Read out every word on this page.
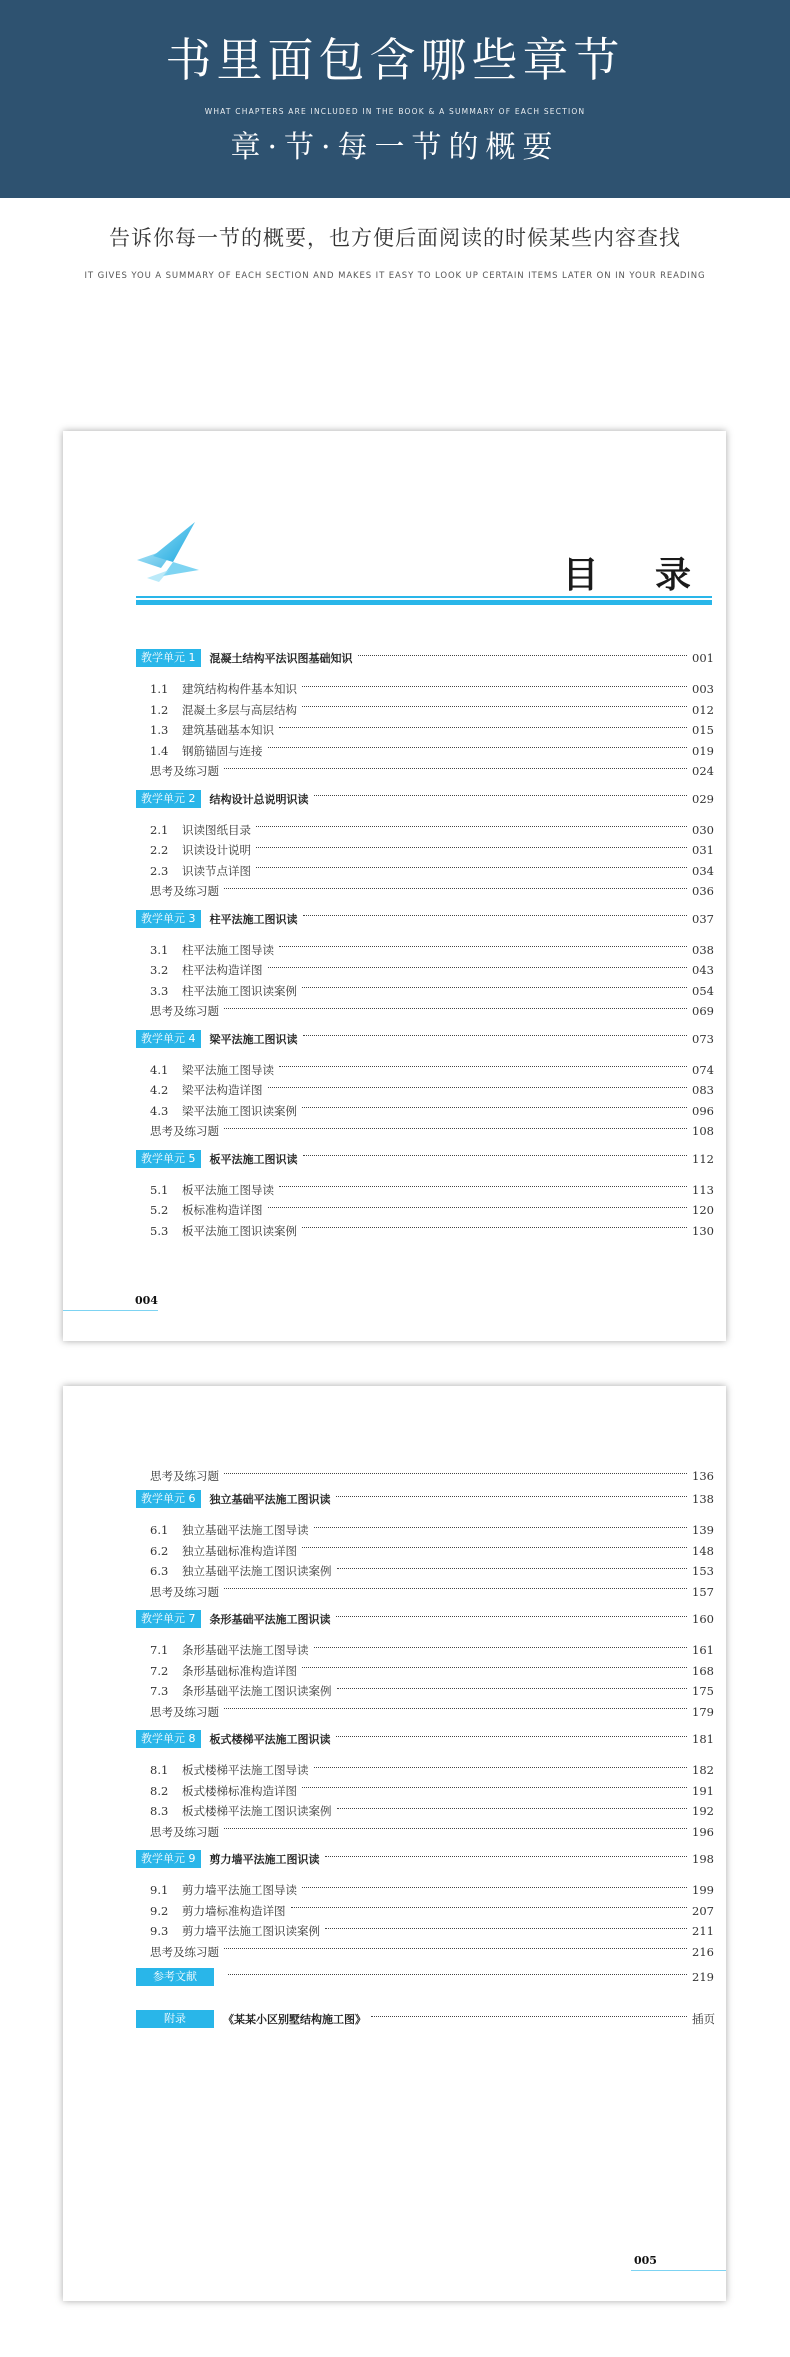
书里面包含哪些章节
WHAT CHAPTERS ARE INCLUDED IN THE BOOK & A SUMMARY OF EACH SECTION
章·节·每一节的概要
告诉你每一节的概要，也方便后面阅读的时候某些内容查找
IT GIVES YOU A SUMMARY OF EACH SECTION AND MAKES IT EASY TO LOOK UP CERTAIN ITEMS LATER ON IN YOUR READING
目 录
教学单元 1	混凝土结构平法识图基础知识	001
1.1	建筑结构构件基本知识	003
1.2	混凝土多层与高层结构	012
1.3	建筑基础基本知识	015
1.4	钢筋锚固与连接	019
思考及练习题	024
教学单元 2	结构设计总说明识读	029
2.1	识读图纸目录	030
2.2	识读设计说明	031
2.3	识读节点详图	034
思考及练习题	036
教学单元 3	柱平法施工图识读	037
3.1	柱平法施工图导读	038
3.2	柱平法构造详图	043
3.3	柱平法施工图识读案例	054
思考及练习题	069
教学单元 4	梁平法施工图识读	073
4.1	梁平法施工图导读	074
4.2	梁平法构造详图	083
4.3	梁平法施工图识读案例	096
思考及练习题	108
教学单元 5	板平法施工图识读	112
5.1	板平法施工图导读	113
5.2	板标准构造详图	120
5.3	板平法施工图识读案例	130
004
思考及练习题	136
教学单元 6	独立基础平法施工图识读	138
6.1	独立基础平法施工图导读	139
6.2	独立基础标准构造详图	148
6.3	独立基础平法施工图识读案例	153
思考及练习题	157
教学单元 7	条形基础平法施工图识读	160
7.1	条形基础平法施工图导读	161
7.2	条形基础标准构造详图	168
7.3	条形基础平法施工图识读案例	175
思考及练习题	179
教学单元 8	板式楼梯平法施工图识读	181
8.1	板式楼梯平法施工图导读	182
8.2	板式楼梯标准构造详图	191
8.3	板式楼梯平法施工图识读案例	192
思考及练习题	196
教学单元 9	剪力墙平法施工图识读	198
9.1	剪力墙平法施工图导读	199
9.2	剪力墙标准构造详图	207
9.3	剪力墙平法施工图识读案例	211
思考及练习题	216
参考文献	219
附录	《某某小区别墅结构施工图》	插页
005
